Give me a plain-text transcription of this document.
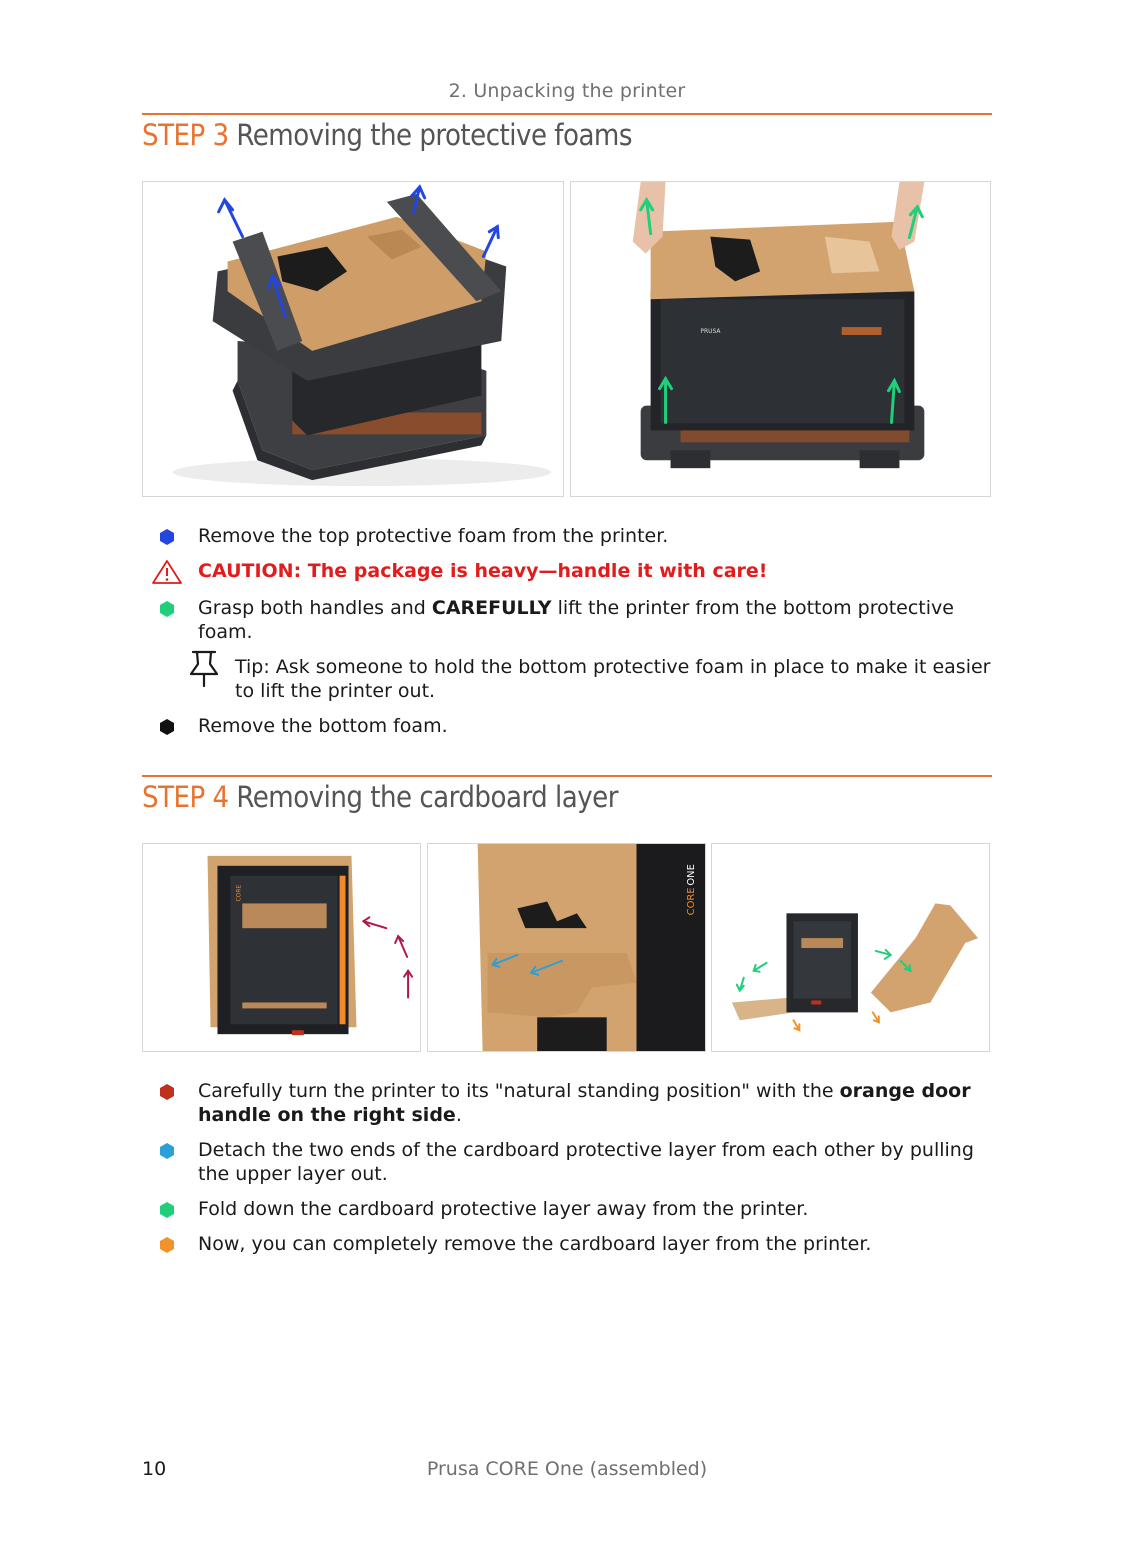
2. Unpacking the printer
STEP 3 Removing the protective foams
PRUSA
Remove the top protective foam from the printer.
CAUTION: The package is heavy—handle it with care!
Grasp both handles and CAREFULLY lift the printer from the bottom protective foam.
Tip: Ask someone to hold the bottom protective foam in place to make it easier to lift the printer out.
Remove the bottom foam.
STEP 4 Removing the cardboard layer
CORE	CORE
ONE
Carefully turn the printer to its "natural standing position" with the orange door handle on the right side.
Detach the two ends of the cardboard protective layer from each other by pulling the upper layer out.
Fold down the cardboard protective layer away from the printer.
Now, you can completely remove the cardboard layer from the printer.
10	Prusa CORE One (assembled)
